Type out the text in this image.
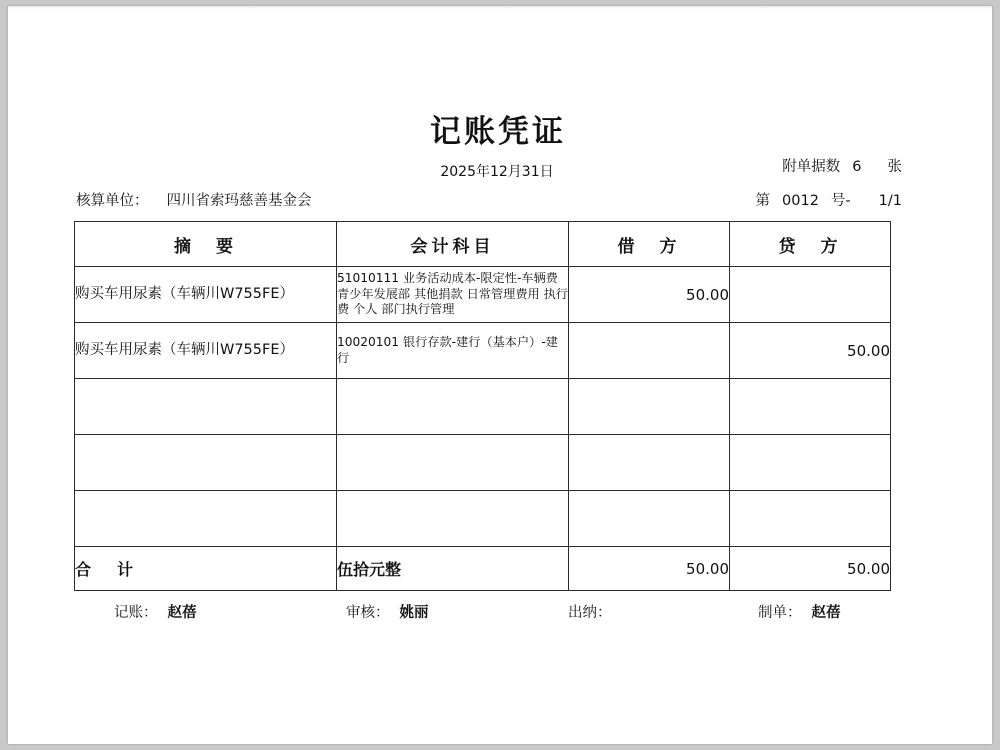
记账凭证
2025年12月31日	附单据数 6 张
核算单位： 四川省索玛慈善基金会	第 0012 号- 1/1
摘　要	会计科目	借　方	贷　方
购买车用尿素（车辆川W755FE）	51010111 业务活动成本-限定性-车辆费 青少年发展部 其他捐款 日常管理费用 执行费 个人 部门执行管理	50.00	
购买车用尿素（车辆川W755FE）	10020101 银行存款-建行（基本户）-建行		50.00

合　计	伍拾元整	50.00	50.00
记账： 赵蓓	审核： 姚丽	出纳：	制单： 赵蓓
